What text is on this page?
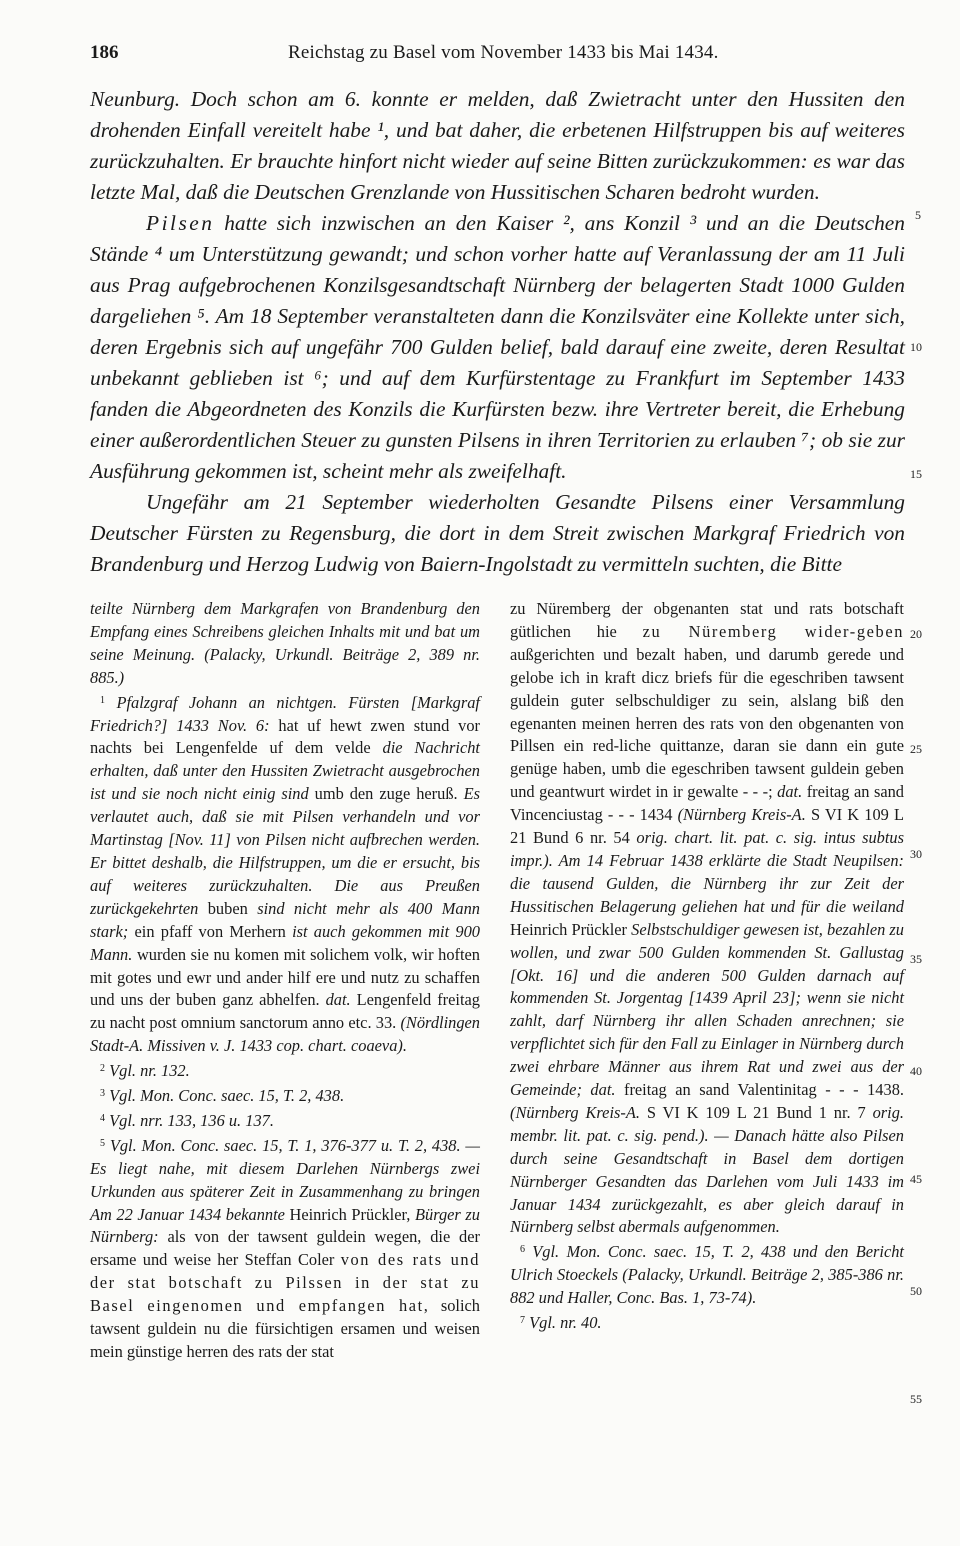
186	Reichstag zu Basel vom November 1433 bis Mai 1434.

Neunburg. Doch schon am 6. konnte er melden, daß Zwietracht unter den Hussiten den drohenden Einfall vereitelt habe ¹, und bat daher, die erbetenen Hilfstruppen bis auf weiteres zurückzuhalten. Er brauchte hinfort nicht wieder auf seine Bitten zurückzukommen: es war das letzte Mal, daß die Deutschen Grenzlande von Hussitischen Scharen bedroht wurden.

Pilsen hatte sich inzwischen an den Kaiser ², ans Konzil ³ und an die Deutschen Stände ⁴ um Unterstützung gewandt; und schon vorher hatte auf Veranlassung der am 11 Juli aus Prag aufgebrochenen Konzilsgesandtschaft Nürnberg der belagerten Stadt 1000 Gulden dargeliehen ⁵. Am 18 September veranstalteten dann die Konzilsväter eine Kollekte unter sich, deren Ergebnis sich auf ungefähr 700 Gulden belief, bald darauf eine zweite, deren Resultat unbekannt geblieben ist ⁶; und auf dem Kurfürstentage zu Frankfurt im September 1433 fanden die Abgeordneten des Konzils die Kurfürsten bezw. ihre Vertreter bereit, die Erhebung einer außerordentlichen Steuer zu gunsten Pilsens in ihren Territorien zu erlauben ⁷; ob sie zur Ausführung gekommen ist, scheint mehr als zweifelhaft.

Ungefähr am 21 September wiederholten Gesandte Pilsens einer Versammlung Deutscher Fürsten zu Regensburg, die dort in dem Streit zwischen Markgraf Friedrich von Brandenburg und Herzog Ludwig von Baiern-Ingolstadt zu vermitteln suchten, die Bitte

teilte Nürnberg dem Markgrafen von Brandenburg den Empfang eines Schreibens gleichen Inhalts mit und bat um seine Meinung. (Palacky, Urkundl. Beiträge 2, 389 nr. 885.)

$^1$ Pfalzgraf Johann an nichtgen. Fürsten [Markgraf Friedrich?] 1433 Nov. 6: hat uf hewt zwen stund vor nachts bei Lengenfelde uf dem velde die Nachricht erhalten, daß unter den Hussiten Zwietracht ausgebrochen ist und sie noch nicht einig sind umb den zuge heruß. Es verlautet auch, daß sie mit Pilsen verhandeln und vor Martinstag [Nov. 11] von Pilsen nicht aufbrechen werden. Er bittet deshalb, die Hilfstruppen, um die er ersucht, bis auf weiteres zurückzuhalten. Die aus Preußen zurückgekehrten buben sind nicht mehr als 400 Mann stark; ein pfaff von Merhern ist auch gekommen mit 900 Mann. wurden sie nu komen mit solichem volk, wir hoften mit gotes und ewr und ander hilf ere und nutz zu schaffen und uns der buben ganz abhelfen. dat. Lengenfeld freitag zu nacht post omnium sanctorum anno etc. 33. (Nördlingen Stadt-A. Missiven v. J. 1433 cop. chart. coaeva).

$^2$ Vgl. nr. 132.

$^3$ Vgl. Mon. Conc. saec. 15, T. 2, 438.

$^4$ Vgl. nrr. 133, 136 u. 137.

$^5$ Vgl. Mon. Conc. saec. 15, T. 1, 376-377 u. T. 2, 438. — Es liegt nahe, mit diesem Darlehen Nürnbergs zwei Urkunden aus späterer Zeit in Zusammenhang zu bringen Am 22 Januar 1434 bekannte Heinrich Prückler, Bürger zu Nürnberg: als von der tawsent guldein wegen, die der ersame und weise her Steffan Coler von des rats und der stat botschaft zu Pilssen in der stat zu Basel eingenomen und empfangen hat, solich tawsent guldein nu die fürsichtigen ersamen und weisen mein günstige herren des rats der stat

zu Nüremberg der obgenanten stat und rats botschaft gütlichen hie zu Nüremberg wider-geben außgerichten und bezalt haben, und darumb gerede und gelobe ich in kraft dicz briefs für die egeschriben tawsent guldein guter selbschuldiger zu sein, alslang biß den egenanten meinen herren des rats von den obgenanten von Pillsen ein red-liche quittanze, daran sie dann ein gute genüge haben, umb die egeschriben tawsent guldein geben und geantwurt wirdet in ir gewalte - - -; dat. freitag an sand Vincenciustag - - - 1434 (Nürnberg Kreis-A. S VI K 109 L 21 Bund 6 nr. 54 orig. chart. lit. pat. c. sig. intus subtus impr.). Am 14 Februar 1438 erklärte die Stadt Neupilsen: die tausend Gulden, die Nürnberg ihr zur Zeit der Hussitischen Belagerung geliehen hat und für die weiland Heinrich Prückler Selbstschuldiger gewesen ist, bezahlen zu wollen, und zwar 500 Gulden kommenden St. Gallustag [Okt. 16] und die anderen 500 Gulden darnach auf kommenden St. Jorgentag [1439 April 23]; wenn sie nicht zahlt, darf Nürnberg ihr allen Schaden anrechnen; sie verpflichtet sich für den Fall zu Einlager in Nürnberg durch zwei ehrbare Männer aus ihrem Rat und zwei aus der Gemeinde; dat. freitag an sand Valentinitag - - - 1438. (Nürnberg Kreis-A. S VI K 109 L 21 Bund 1 nr. 7 orig. membr. lit. pat. c. sig. pend.). — Danach hätte also Pilsen durch seine Gesandtschaft in Basel dem dortigen Nürnberger Gesandten das Darlehen vom Juli 1433 im Januar 1434 zurückgezahlt, es aber gleich darauf in Nürnberg selbst abermals aufgenommen.

$^6$ Vgl. Mon. Conc. saec. 15, T. 2, 438 und den Bericht Ulrich Stoeckels (Palacky, Urkundl. Beiträge 2, 385-386 nr. 882 und Haller, Conc. Bas. 1, 73-74).

$^7$ Vgl. nr. 40.

5
10
15
20
25
30
35
40
45
50
55
